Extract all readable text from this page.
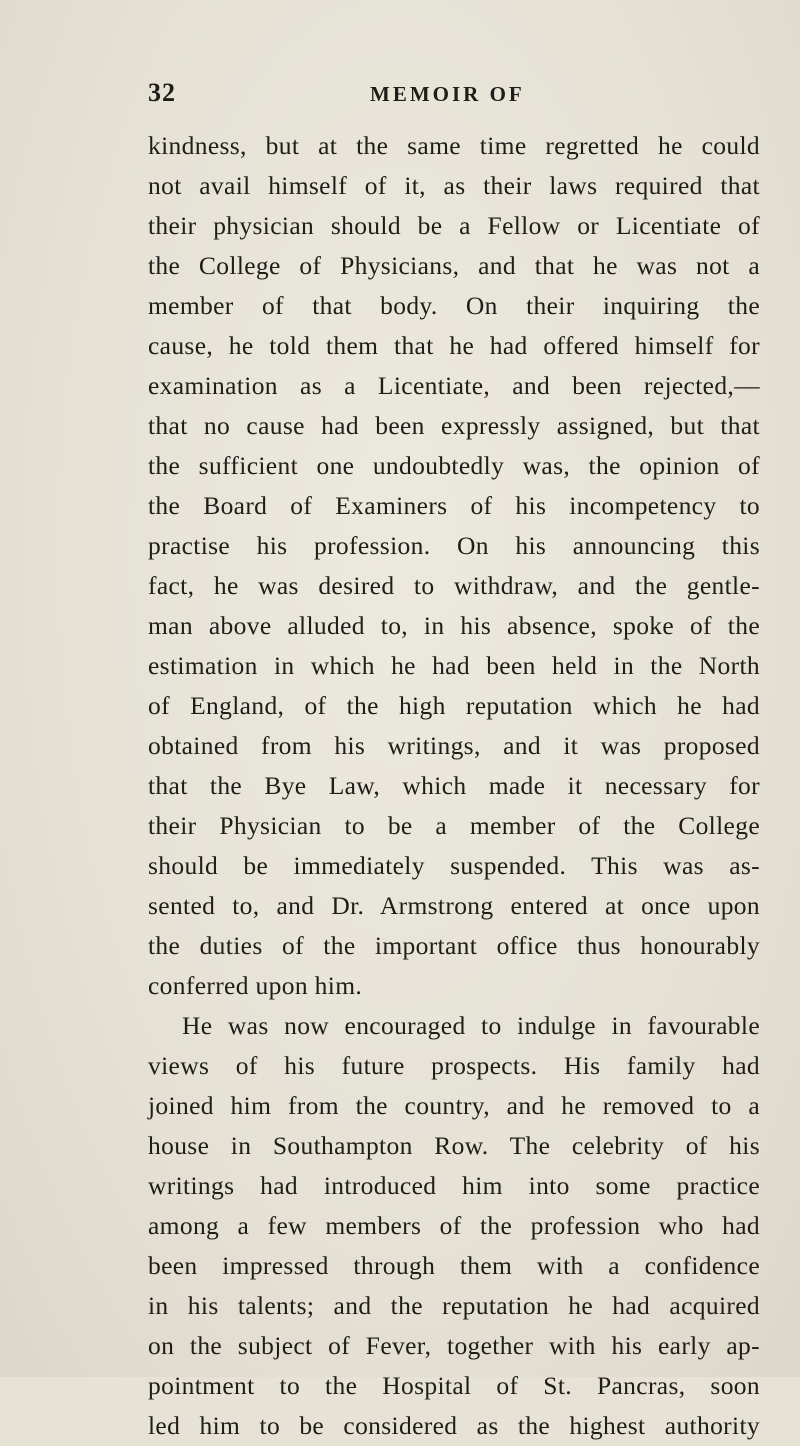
32	MEMOIR OF
kindness, but at the same time regretted he could
not avail himself of it, as their laws required that
their physician should be a Fellow or Licentiate of
the College of Physicians, and that he was not a
member of that body. On their inquiring the
cause, he told them that he had offered himself for
examination as a Licentiate, and been rejected,—
that no cause had been expressly assigned, but that
the sufficient one undoubtedly was, the opinion of
the Board of Examiners of his incompetency to
practise his profession. On his announcing this
fact, he was desired to withdraw, and the gentle-
man above alluded to, in his absence, spoke of the
estimation in which he had been held in the North
of England, of the high reputation which he had
obtained from his writings, and it was proposed
that the Bye Law, which made it necessary for
their Physician to be a member of the College
should be immediately suspended. This was as-
sented to, and Dr. Armstrong entered at once upon
the duties of the important office thus honourably
conferred upon him.
He was now encouraged to indulge in favourable
views of his future prospects. His family had
joined him from the country, and he removed to a
house in Southampton Row. The celebrity of his
writings had introduced him into some practice
among a few members of the profession who had
been impressed through them with a confidence
in his talents; and the reputation he had acquired
on the subject of Fever, together with his early ap-
pointment to the Hospital of St. Pancras, soon
led him to be considered as the highest authority
